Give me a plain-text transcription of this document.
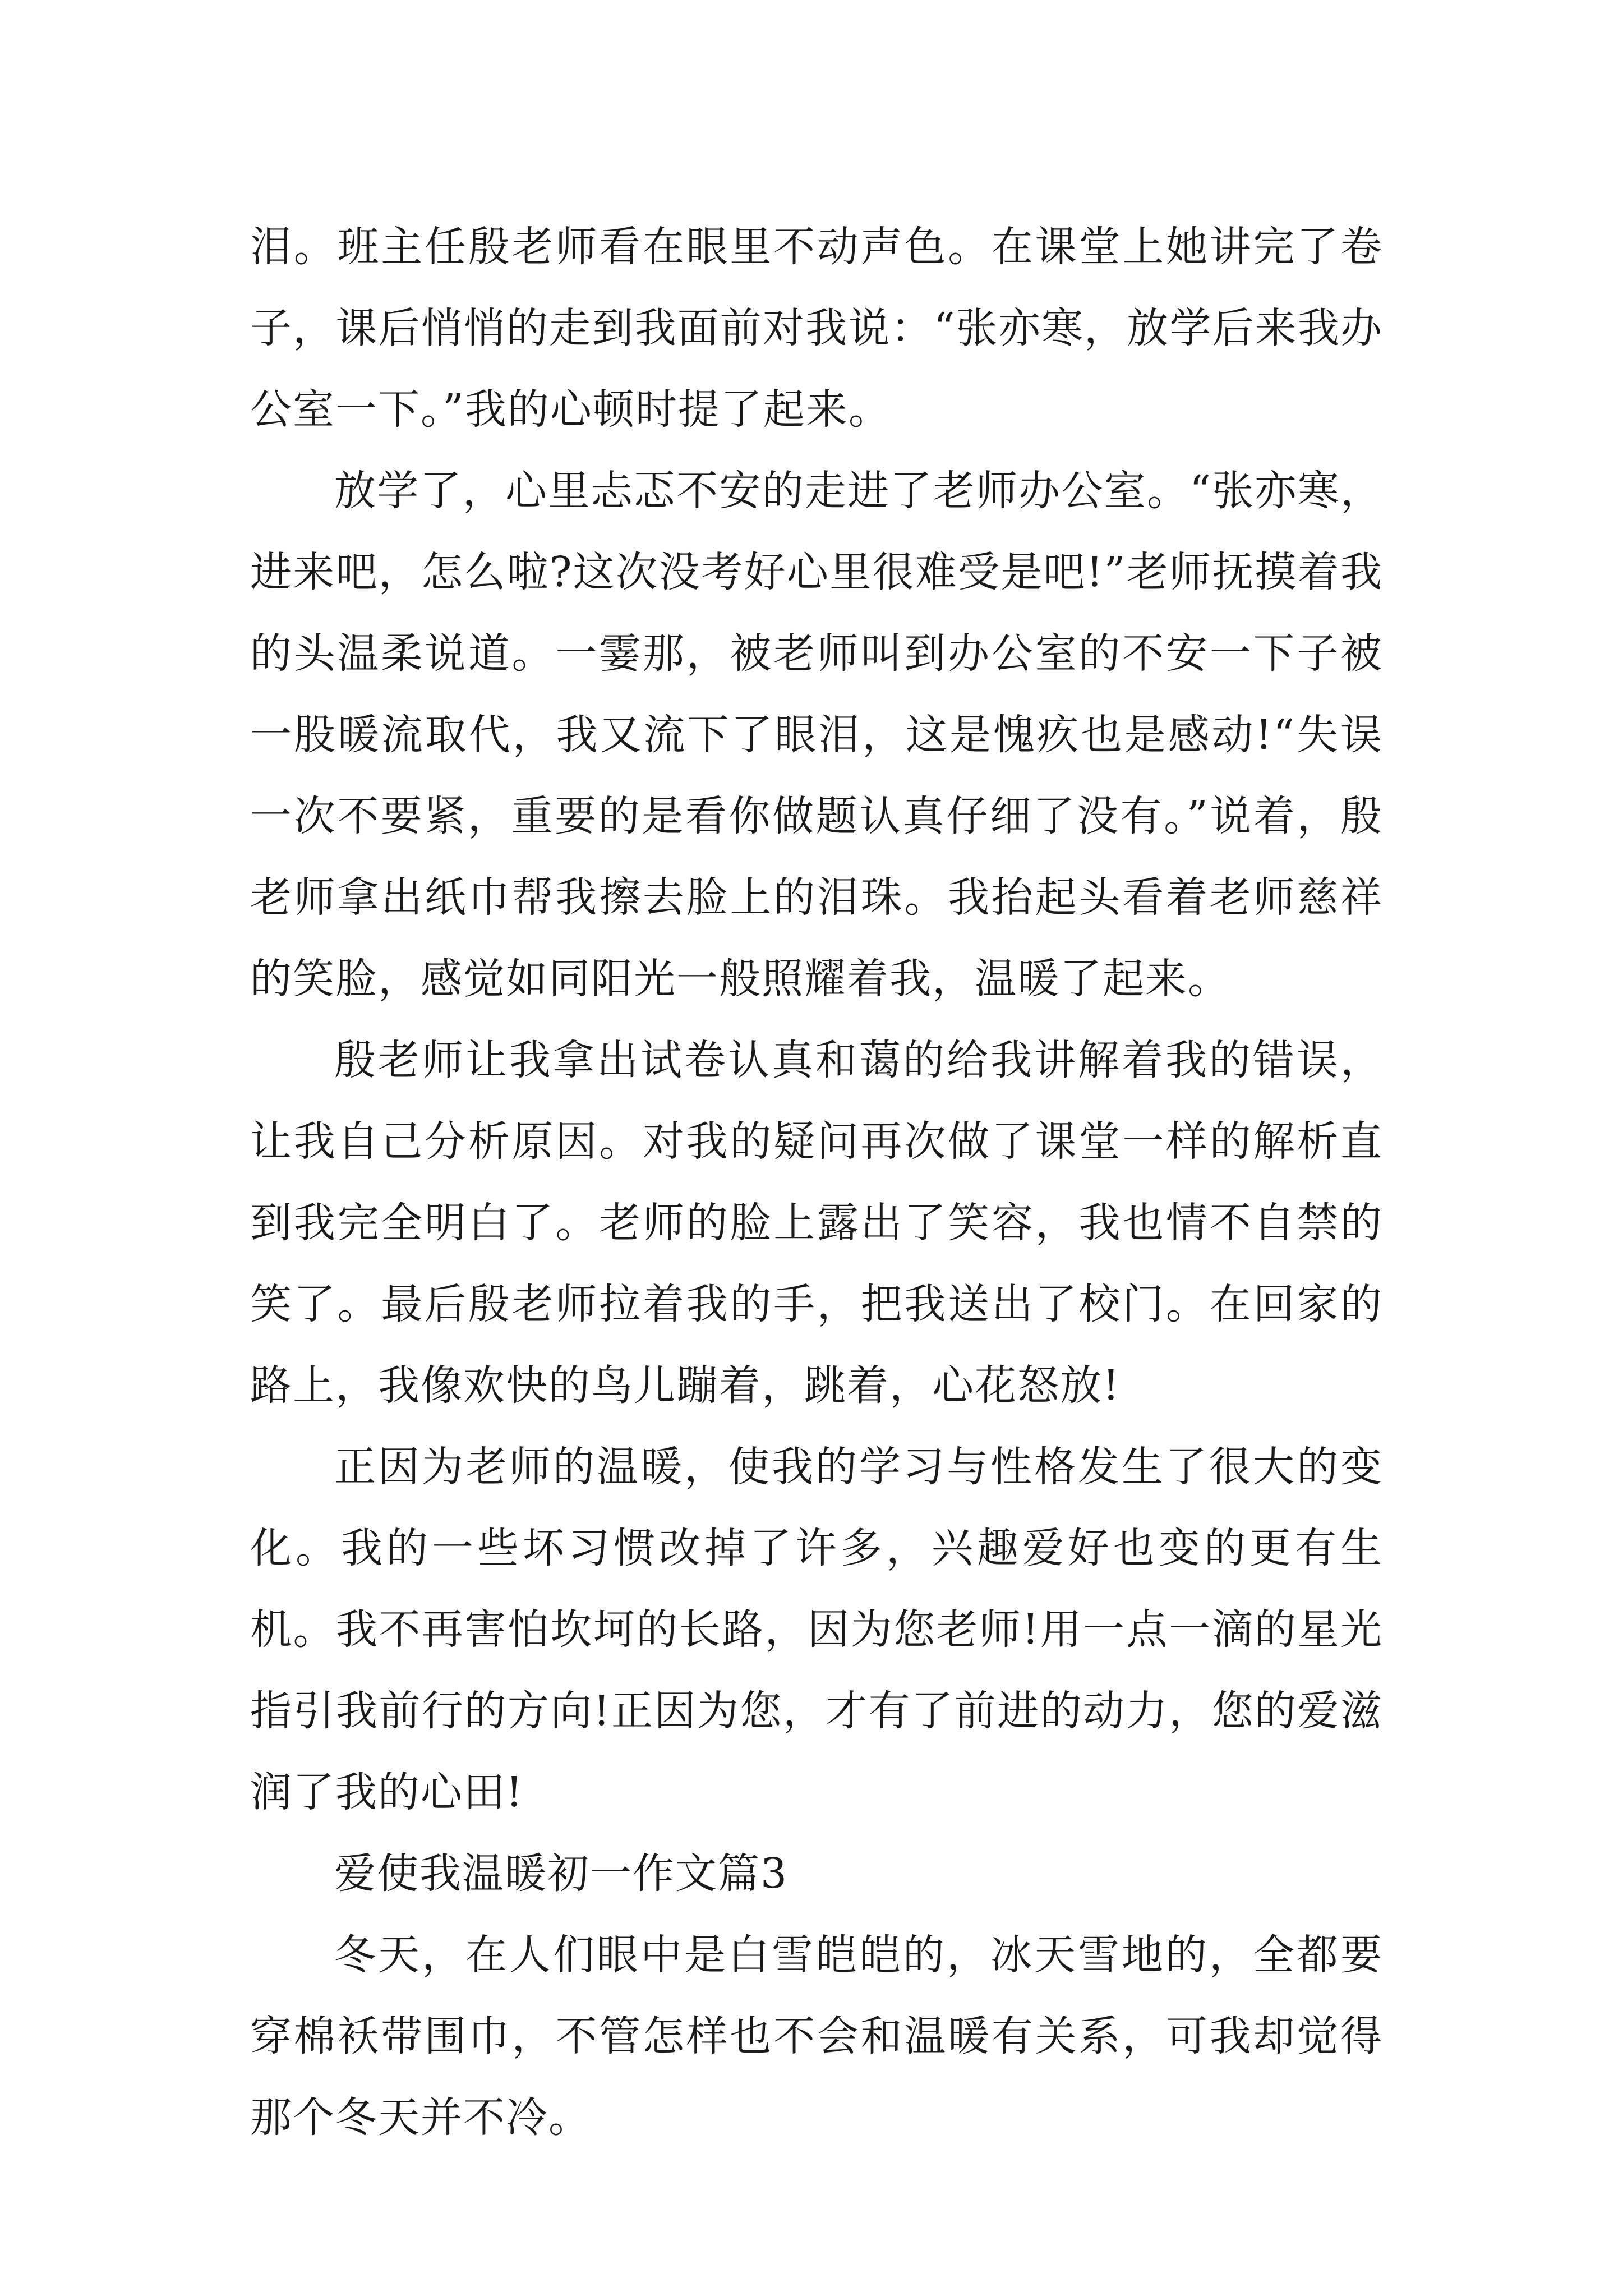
泪。班主任殷老师看在眼里不动声色。在课堂上她讲完了卷子，课后悄悄的走到我面前对我说：“张亦寒，放学后来我办公室一下。”我的心顿时提了起来。

放学了，心里忐忑不安的走进了老师办公室。“张亦寒，进来吧，怎么啦?这次没考好心里很难受是吧!”老师抚摸着我的头温柔说道。一霎那，被老师叫到办公室的不安一下子被一股暖流取代，我又流下了眼泪，这是愧疚也是感动!“失误一次不要紧，重要的是看你做题认真仔细了没有。”说着，殷老师拿出纸巾帮我擦去脸上的泪珠。我抬起头看着老师慈祥的笑脸，感觉如同阳光一般照耀着我，温暖了起来。

殷老师让我拿出试卷认真和蔼的给我讲解着我的错误，让我自己分析原因。对我的疑问再次做了课堂一样的解析直到我完全明白了。老师的脸上露出了笑容，我也情不自禁的笑了。最后殷老师拉着我的手，把我送出了校门。在回家的路上，我像欢快的鸟儿蹦着，跳着，心花怒放!

正因为老师的温暖，使我的学习与性格发生了很大的变化。我的一些坏习惯改掉了许多，兴趣爱好也变的更有生机。我不再害怕坎坷的长路，因为您老师!用一点一滴的星光指引我前行的方向!正因为您，才有了前进的动力，您的爱滋润了我的心田!

爱使我温暖初一作文篇3

冬天，在人们眼中是白雪皑皑的，冰天雪地的，全都要穿棉袄带围巾，不管怎样也不会和温暖有关系，可我却觉得那个冬天并不冷。
